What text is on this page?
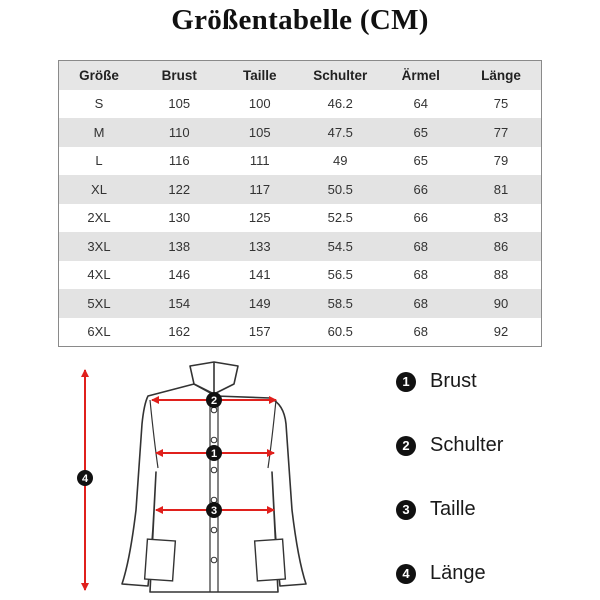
Größentabelle (CM)
Größe	Brust	Taille	Schulter	Ärmel	Länge
S	105	100	46.2	64	75
M	110	105	47.5	65	77
L	116	111	49	65	79
XL	122	117	50.5	66	81
2XL	130	125	52.5	66	83
3XL	138	133	54.5	68	86
4XL	146	141	56.5	68	88
5XL	154	149	58.5	68	90
6XL	162	157	60.5	68	92
4
2
1
3
1	Brust
2	Schulter
3	Taille
4	Länge
